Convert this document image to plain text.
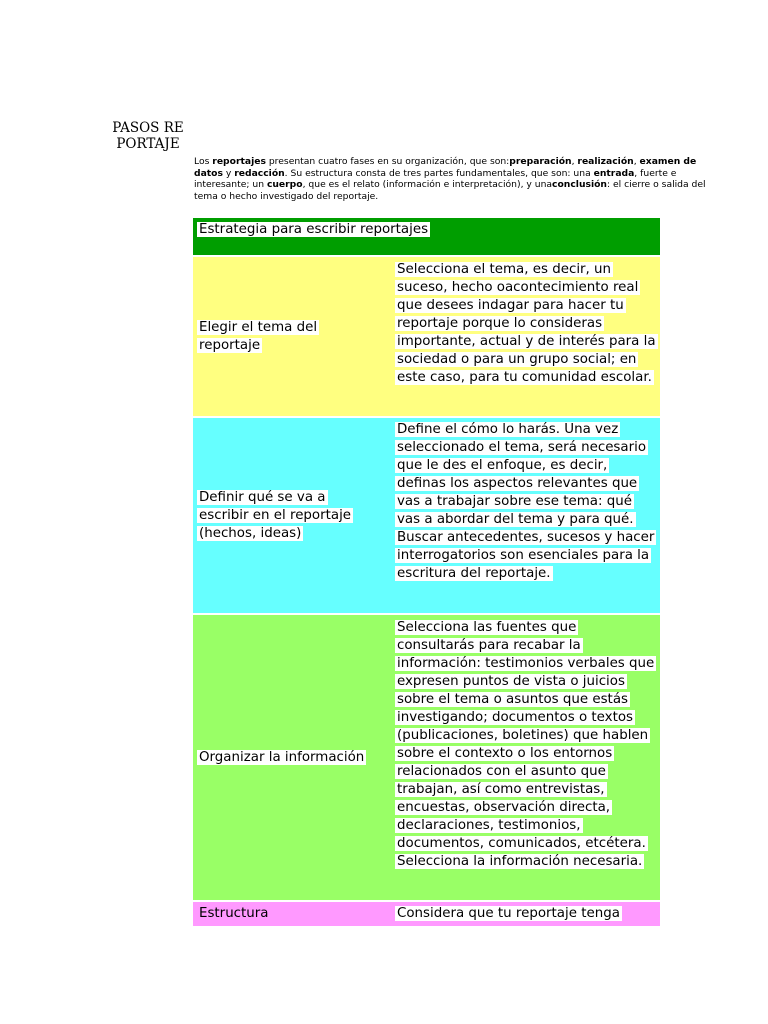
PASOS REPORTAJE
Los reportajes presentan cuatro fases en su organización, que son:preparación, realización, examen de datos y redacción. Su estructura consta de tres partes fundamentales, que son: una entrada, fuerte e interesante; un cuerpo, que es el relato (información e interpretación), y unaconclusión: el cierre o salida del tema o hecho investigado del reportaje.
Estrategia para escribir reportajes
Elegir el tema del reportaje
Selecciona el tema, es decir, un suceso, hecho oacontecimiento real que desees indagar para hacer tu reportaje porque lo consideras importante, actual y de interés para la sociedad o para un grupo social; en este caso, para tu comunidad escolar.
Definir qué se va a escribir en el reportaje (hechos, ideas)
Define el cómo lo harás. Una vez seleccionado el tema, será necesario que le des el enfoque, es decir, definas los aspectos relevantes que vas a trabajar sobre ese tema: qué vas a abordar del tema y para qué. Buscar antecedentes, sucesos y hacer interrogatorios son esenciales para la escritura del reportaje.
Organizar la información
Selecciona las fuentes que consultarás para recabar la información: testimonios verbales que expresen puntos de vista o juicios sobre el tema o asuntos que estás investigando; documentos o textos (publicaciones, boletines) que hablen sobre el contexto o los entornos relacionados con el asunto que trabajan, así como entrevistas, encuestas, observación directa, declaraciones, testimonios, documentos, comunicados, etcétera. Selecciona la información necesaria.
Estructura	Considera que tu reportaje tenga
